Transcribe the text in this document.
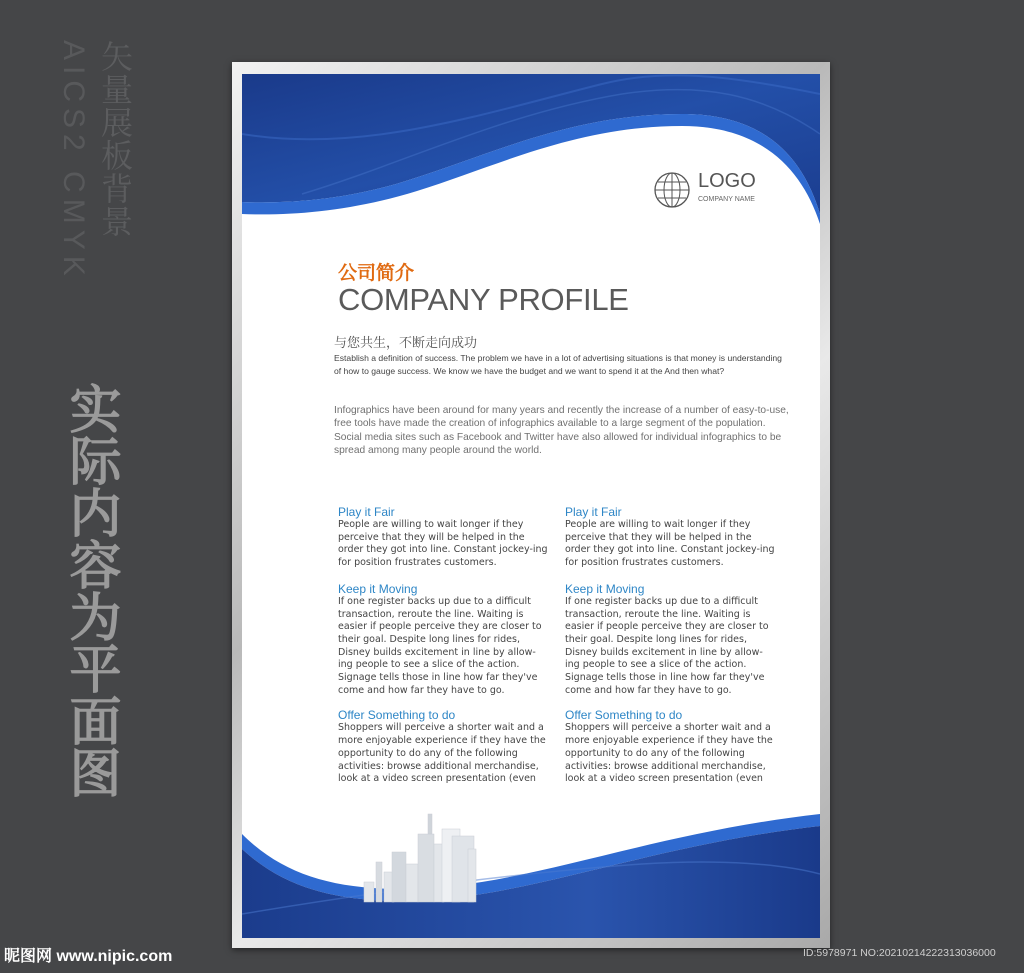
矢量展板背景
AICS2 CMYK
实际内容为平面图
LOGO
COMPANY NAME
公司简介
COMPANY PROFILE
与您共生，不断走向成功
Establish a definition of success. The problem we have in a lot of advertising situations is that money is understanding of how to gauge success. We know we have the budget and we want to spend it at the And then what?
Infographics have been around for many years and recently the increase of a number of easy-to-use, free tools have made the creation of infographics available to a large segment of the population. Social media sites such as Facebook and Twitter have also allowed for individual infographics to be spread among many people around the world.
Play it Fair

People are willing to wait longer if they perceive that they will be helped in the order they got into line. Constant jockey-ing for position frustrates customers.

Keep it Moving

If one register backs up due to a difficult transaction, reroute the line. Waiting is easier if people perceive they are closer to their goal. Despite long lines for rides, Disney builds excitement in line by allow-ing people to see a slice of the action. Signage tells those in line how far they've come and how far they have to go.

Offer Something to do

Shoppers will perceive a shorter wait and a more enjoyable experience if they have the opportunity to do any of the following activities: browse additional merchandise, look at a video screen presentation (even

Play it Fair

People are willing to wait longer if they perceive that they will be helped in the order they got into line. Constant jockey-ing for position frustrates customers.

Keep it Moving

If one register backs up due to a difficult transaction, reroute the line. Waiting is easier if people perceive they are closer to their goal. Despite long lines for rides, Disney builds excitement in line by allow-ing people to see a slice of the action. Signage tells those in line how far they've come and how far they have to go.

Offer Something to do

Shoppers will perceive a shorter wait and a more enjoyable experience if they have the opportunity to do any of the following activities: browse additional merchandise, look at a video screen presentation (even

昵图网 www.nipic.com	ID:5978971 NO:20210214222313036000
